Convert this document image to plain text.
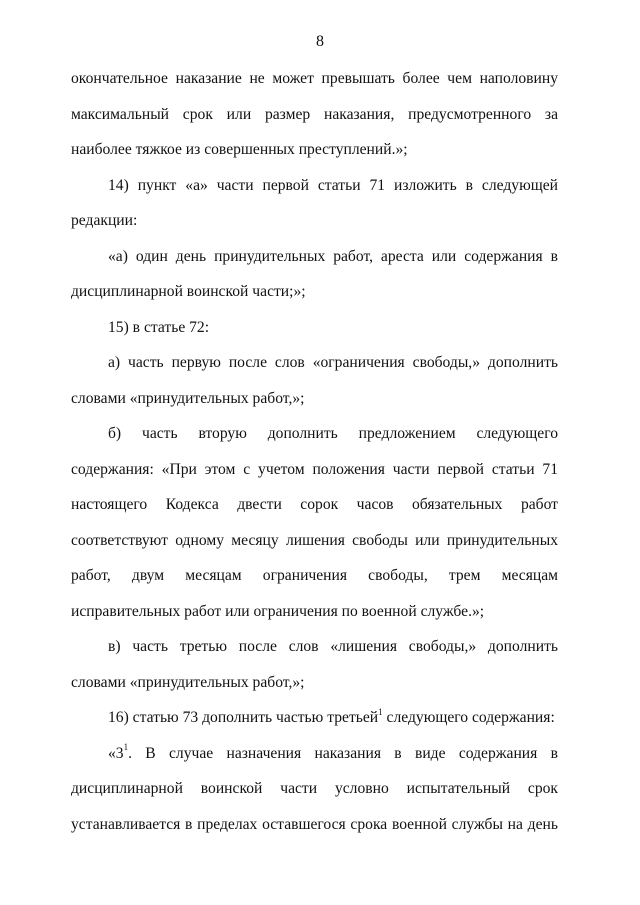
8

окончательное наказание не может превышать более чем наполовину максимальный срок или размер наказания, предусмотренного за наиболее тяжкое из совершенных преступлений.»;

14) пункт «а» части первой статьи 71 изложить в следующей редакции:

«а) один день принудительных работ, ареста или содержания в дисциплинарной воинской части;»;

15) в статье 72:

а) часть первую после слов «ограничения свободы,» дополнить словами «принудительных работ,»;

б) часть вторую дополнить предложением следующего содержания: «При этом с учетом положения части первой статьи 71 настоящего Кодекса двести сорок часов обязательных работ соответствуют одному месяцу лишения свободы или принудительных работ, двум месяцам ограничения свободы, трем месяцам исправительных работ или ограничения по военной службе.»;

в) часть третью после слов «лишения свободы,» дополнить словами «принудительных работ,»;

16) статью 73 дополнить частью третьей$^1$ следующего содержания:

«$3^1$. В случае назначения наказания в виде содержания в дисциплинарной воинской части условно испытательный срок устанавливается в пределах оставшегося срока военной службы на день
